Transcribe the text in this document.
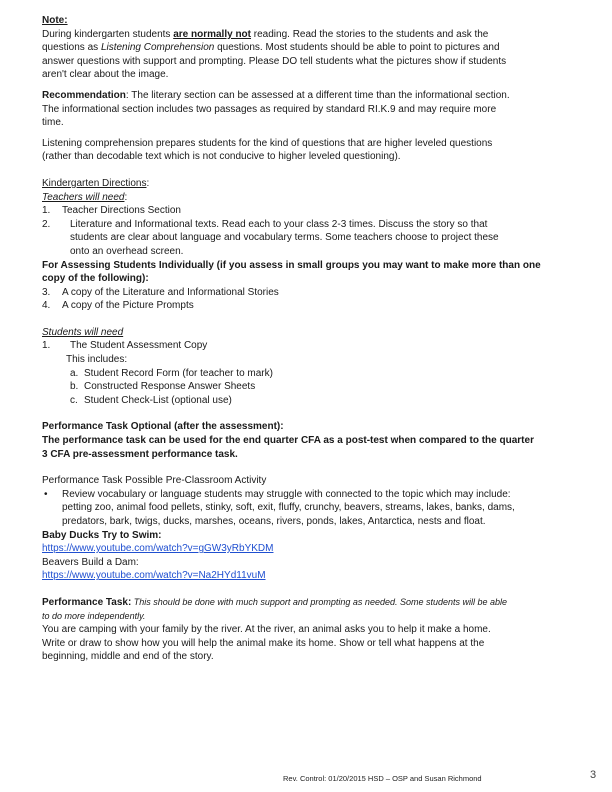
Note:

During kindergarten students are normally not reading. Read the stories to the students and ask the

questions as Listening Comprehension questions. Most students should be able to point to pictures and

answer questions with support and prompting. Please DO tell students what the pictures show if students

aren't clear about the image.

Recommendation: The literary section can be assessed at a different time than the informational section.

The informational section includes two passages as required by standard RI.K.9 and may require more

time.

Listening comprehension prepares students for the kind of questions that are higher leveled questions

(rather than decodable text which is not conducive to higher leveled questioning).

Kindergarten Directions:

Teachers will need:

1.	Teacher Directions Section
2.	Literature and Informational texts. Read each to your class 2-3 times. Discuss the story so that
students are clear about language and vocabulary terms. Some teachers choose to project these
onto an overhead screen.

For Assessing Students Individually (if you assess in small groups you may want to make more than one

copy of the following):

3.	A copy of the Literature and Informational Stories
4.	A copy of the Picture Prompts

Students will need

1.	The Student Assessment Copy

This includes:

a. Student Record Form (for teacher to mark)
b. Constructed Response Answer Sheets
c. Student Check-List (optional use)

Performance Task Optional (after the assessment):

The performance task can be used for the end quarter CFA as a post-test when compared to the quarter

3 CFA pre-assessment performance task.

Performance Task Possible Pre-Classroom Activity

•	Review vocabulary or language students may struggle with connected to the topic which may include:
petting zoo, animal food pellets, stinky, soft, exit, fluffy, crunchy, beavers, streams, lakes, banks, dams,
predators, bark, twigs, ducks, marshes, oceans, rivers, ponds, lakes, Antarctica, nests and float.

Baby Ducks Try to Swim:

https://www.youtube.com/watch?v=gGW3yRbYKDM

Beavers Build a Dam:

https://www.youtube.com/watch?v=Na2HYd11vuM

Performance Task: This should be done with much support and prompting as needed. Some students will be able

to do more independently.

You are camping with your family by the river. At the river, an animal asks you to help it make a home.

Write or draw to show how you will help the animal make its home. Show or tell what happens at the

beginning, middle and end of the story.

Rev. Control: 01/20/2015 HSD – OSP and Susan Richmond	3
